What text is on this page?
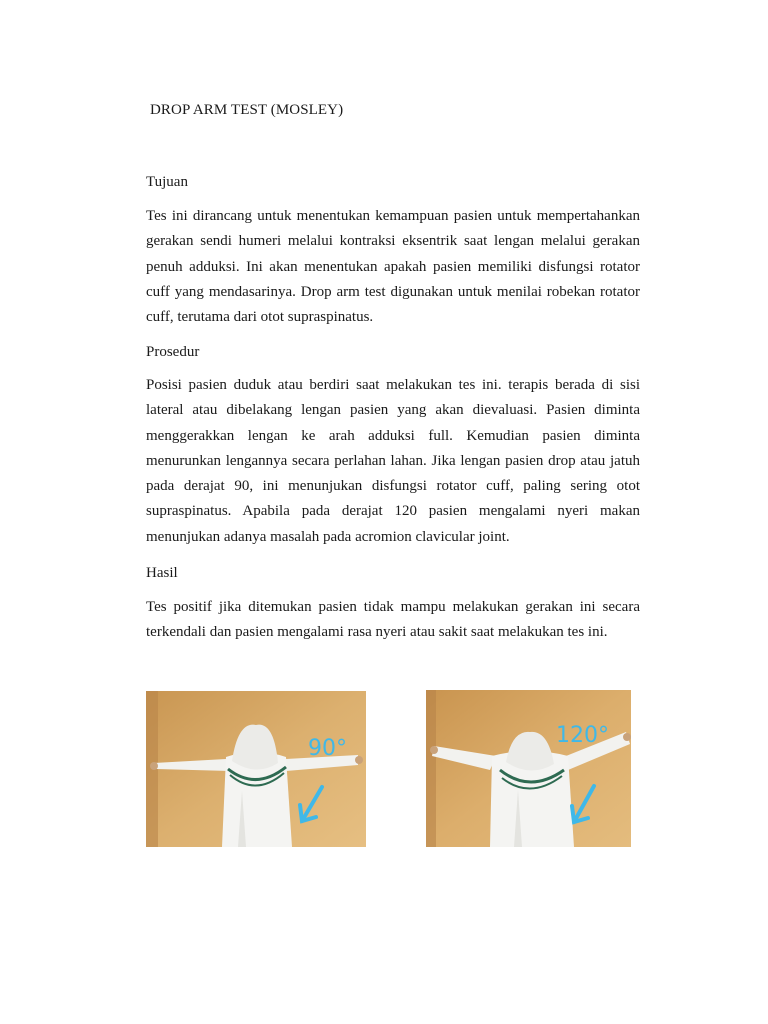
DROP ARM TEST (MOSLEY)
Tujuan

Tes ini dirancang untuk menentukan kemampuan pasien untuk mempertahankan gerakan sendi humeri melalui kontraksi eksentrik saat lengan melalui gerakan penuh adduksi. Ini akan menentukan apakah pasien memiliki disfungsi rotator cuff yang mendasarinya. Drop arm test digunakan untuk menilai robekan rotator cuff, terutama dari otot supraspinatus.

Prosedur

Posisi pasien duduk atau berdiri saat melakukan tes ini. terapis berada di sisi lateral atau dibelakang lengan pasien yang akan dievaluasi. Pasien diminta menggerakkan lengan ke arah adduksi full. Kemudian pasien diminta menurunkan lengannya secara perlahan lahan. Jika lengan pasien drop atau jatuh pada derajat 90, ini menunjukan disfungsi rotator cuff, paling sering otot supraspinatus. Apabila pada derajat 120 pasien mengalami nyeri makan menunjukan adanya masalah pada acromion clavicular joint.

Hasil

Tes positif jika ditemukan pasien tidak mampu melakukan gerakan ini secara terkendali dan pasien mengalami rasa nyeri atau sakit saat melakukan tes ini.

90°
120°
